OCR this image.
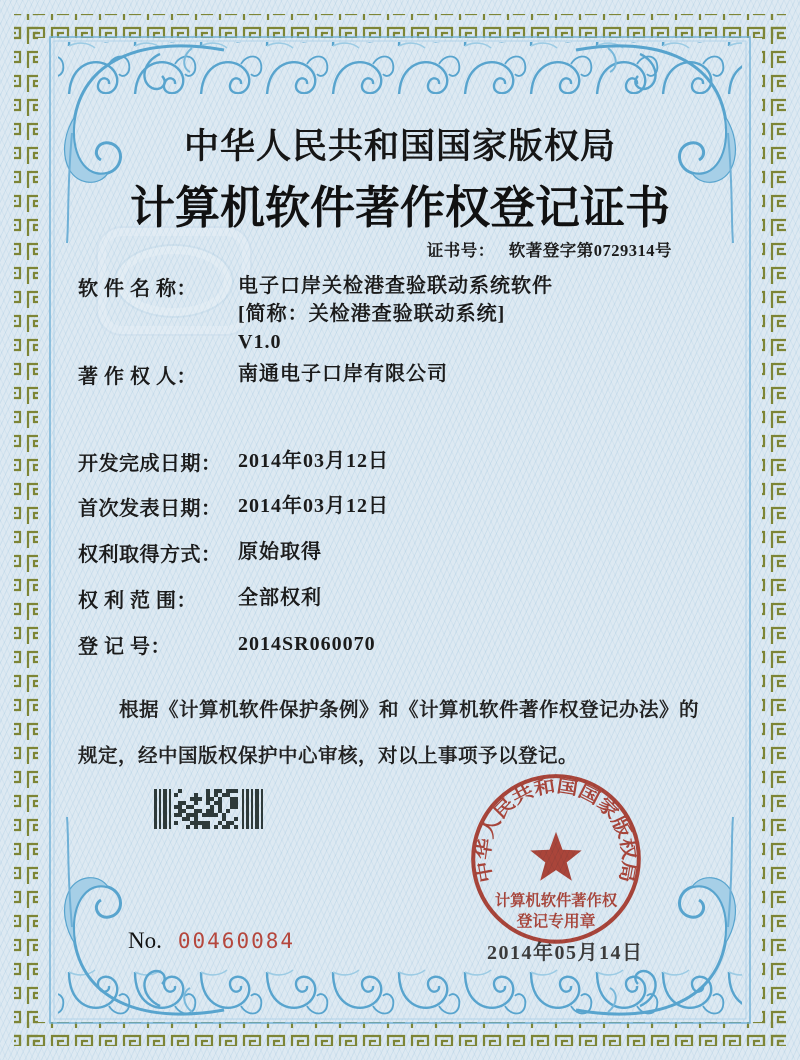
中华人民共和国国家版权局
计算机软件著作权登记证书
证书号： 软著登字第0729314号
软 件 名 称： 电子口岸关检港查验联动系统软件
[简称：关检港查验联动系统]
V1.0
著 作 权 人： 南通电子口岸有限公司
开发完成日期： 2014年03月12日
首次发表日期： 2014年03月12日
权利取得方式： 原始取得
权 利 范 围： 全部权利
登 记 号：	2014SR060070
根据《计算机软件保护条例》和《计算机软件著作权登记办法》的
规定，经中国版权保护中心审核，对以上事项予以登记。
2014年05月14日
中华人民共和国国家版权局
计算机软件著作权
登记专用章
No. 00460084
